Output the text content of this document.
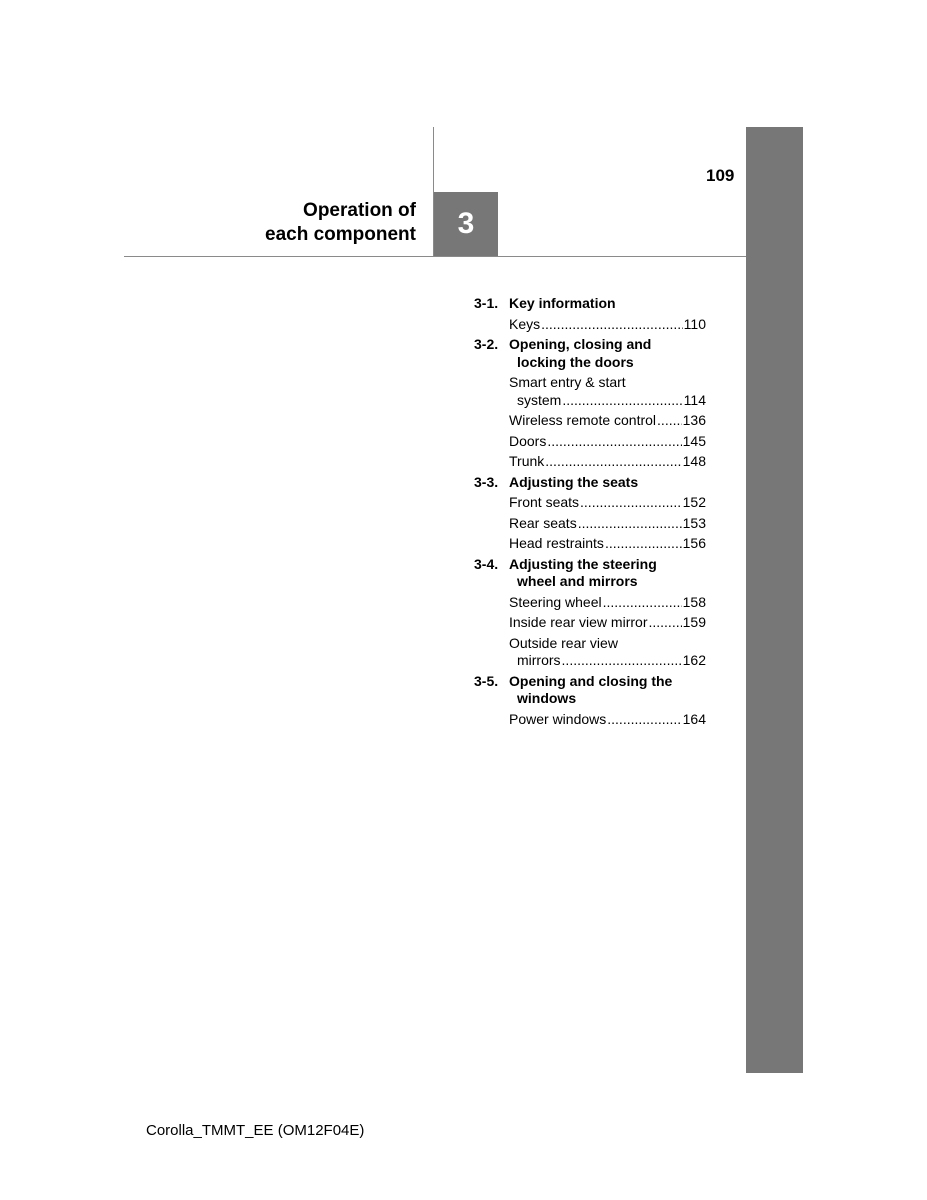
Operation of
each component 3
109
3-1. Key information
Keys .....	110
3-2. Opening, closing and
locking the doors
Smart entry & start
system .....	114
Wireless remote control ..... 136
Doors .....	145
Trunk .....	148
3-3. Adjusting the seats
Front seats .....	152
Rear seats .....	153
Head restraints .....	156
3-4. Adjusting the steering
wheel and mirrors
Steering wheel .....	158
Inside rear view mirror .....	159
Outside rear view
mirrors .....	162
3-5. Opening and closing the
windows
Power windows .....	164
Corolla_TMMT_EE (OM12F04E)
